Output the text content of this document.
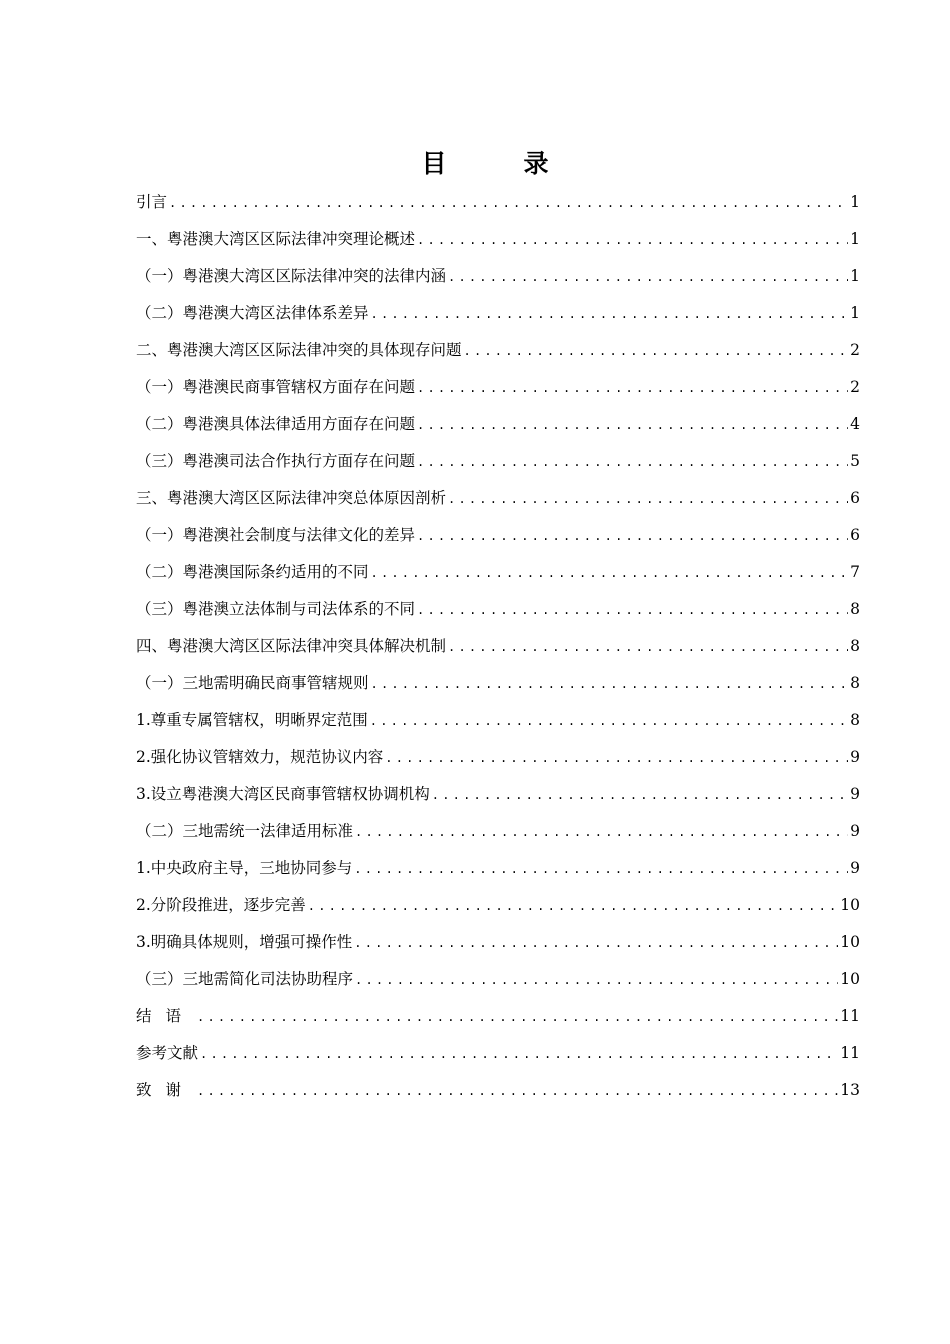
目　录
引言 .....	1
一、粤港澳大湾区区际法律冲突理论概述 .....	1
（一）粤港澳大湾区区际法律冲突的法律内涵 .....	1
（二）粤港澳大湾区法律体系差异 .....	1
二、粤港澳大湾区区际法律冲突的具体现存问题 .....	2
（一）粤港澳民商事管辖权方面存在问题 .....	2
（二）粤港澳具体法律适用方面存在问题 .....	4
（三）粤港澳司法合作执行方面存在问题 .....	5
三、粤港澳大湾区区际法律冲突总体原因剖析 .....	6
（一）粤港澳社会制度与法律文化的差异 .....	6
（二）粤港澳国际条约适用的不同 .....	7
（三）粤港澳立法体制与司法体系的不同 .....	8
四、粤港澳大湾区区际法律冲突具体解决机制 .....	8
（一）三地需明确民商事管辖规则 .....	8
1.尊重专属管辖权，明晰界定范围 .....	8
2.强化协议管辖效力，规范协议内容 .....	9
3.设立粤港澳大湾区民商事管辖权协调机构 .....	9
（二）三地需统一法律适用标准 .....	9
1.中央政府主导，三地协同参与 .....	9
2.分阶段推进，逐步完善 .....	10
3.明确具体规则，增强可操作性 .....	10
（三）三地需简化司法协助程序 .....	10
结语 .....	11
参考文献 .....	11
致谢 .....	13
